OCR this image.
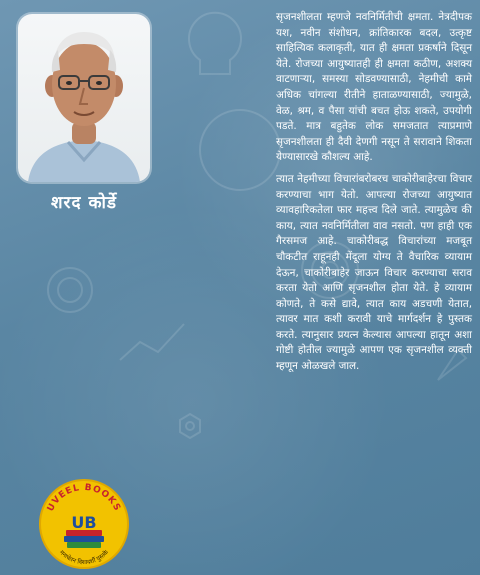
शरद कोर्डे

सृजनशीलता म्हणजे नवनिर्मितीची क्षमता. नेत्रदीपक यश, नवीन संशोधन, क्रांतिकारक बदल, उत्कृष्ट साहित्यिक कलाकृती, यात ही क्षमता प्रकर्षाने दिसून येते. रोजच्या आयुष्यातही ही क्षमता कठीण, अशक्य वाटणाऱ्या, समस्या सोडवण्यासाठी, नेहमीची कामे अधिक चांगल्या रीतीने हाताळण्यासाठी, ज्यामुळे, वेळ, श्रम, व पैसा यांची बचत होऊ शकते, उपयोगी पडते. मात्र बहुतेक लोक समजतात त्याप्रमाणे सृजनशीलता ही दैवी देणगी नसून ते सरावाने शिकता येण्यासारखे कौशल्य आहे.

त्यात नेहमीच्या विचारांबरोबरच चाकोरीबाहेरचा विचार करण्याचा भाग येतो. आपल्या रोजच्या आयुष्यात व्यावहारिकतेला फार महत्त्व दिले जाते. त्यामुळेच की काय, त्यात नवनिर्मितीला वाव नसतो. पण हाही एक गैरसमज आहे. चाकोरीबद्ध विचारांच्या मजबूत चौकटीत राहूनही मेंदूला योग्य ते वैचारिक व्यायाम देऊन, चाकोरीबाहेर जाऊन विचार करण्याचा सराव करता येतो आणि सृजनशील होता येते. हे व्यायाम कोणते, ते कसे द्यावे, त्यात काय अडचणी येतात, त्यावर मात कशी करावी याचे मार्गदर्शन हे पुस्तक करते. त्यानुसार प्रयत्न केल्यास आपल्या हातून अशा गोष्टी होतील ज्यामुळे आपण एक सृजनशील व्यक्ती म्हणून ओळखले जाल.

UVEEL BOOKS
UB
मनाचेतन दिशादर्शी पुस्तके
